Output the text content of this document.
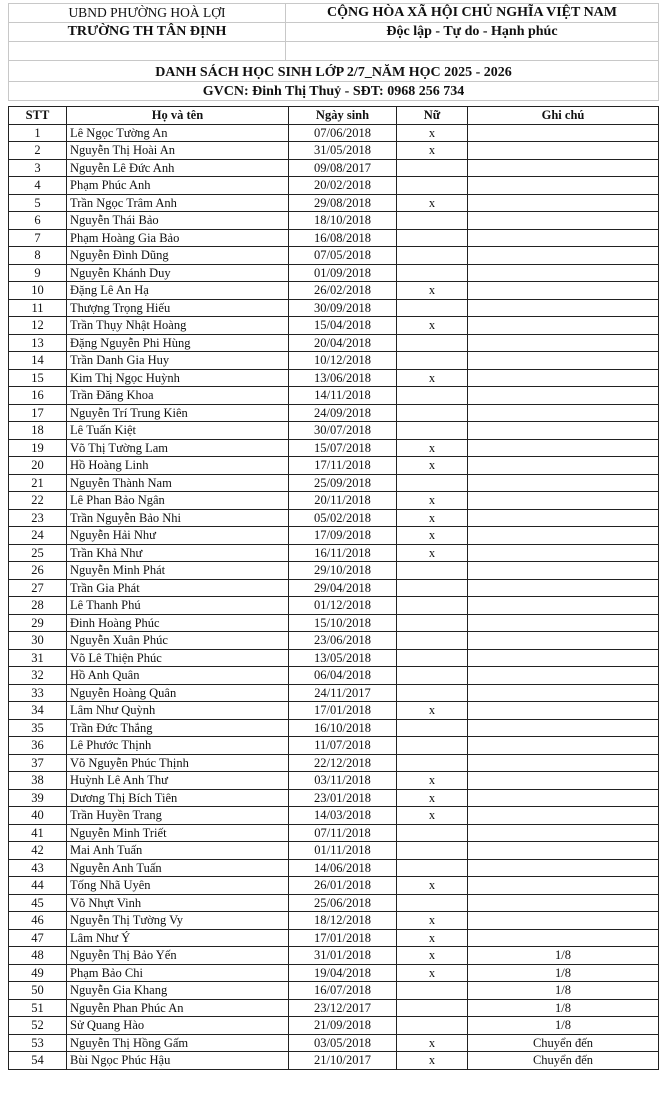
UBND PHƯỜNG HOÀ LỢI	CỘNG HÒA XÃ HỘI CHỦ NGHĨA VIỆT NAM
TRƯỜNG TH TÂN ĐỊNH	Độc lập - Tự do - Hạnh phúc

DANH SÁCH HỌC SINH LỚP 2/7_NĂM HỌC 2025 - 2026	
GVCN: Đinh Thị Thuỷ - SĐT: 0968 256 734	
STT	Họ và tên	Ngày sinh	Nữ	Ghi chú
1	Lê Ngọc Tường An	07/06/2018	x	
2	Nguyễn Thị Hoài An	31/05/2018	x	
3	Nguyễn Lê Đức Anh	09/08/2017		
4	Phạm Phúc Anh	20/02/2018		
5	Trần Ngọc Trâm Anh	29/08/2018	x	
6	Nguyễn Thái Bảo	18/10/2018		
7	Phạm Hoàng Gia Bảo	16/08/2018		
8	Nguyễn Đình Dũng	07/05/2018		
9	Nguyễn Khánh Duy	01/09/2018		
10	Đặng Lê An Hạ	26/02/2018	x	
11	Thượng Trọng Hiếu	30/09/2018		
12	Trần Thụy Nhật Hoàng	15/04/2018	x	
13	Đặng Nguyễn Phi Hùng	20/04/2018		
14	Trần Danh Gia Huy	10/12/2018		
15	Kim Thị Ngọc Huỳnh	13/06/2018	x	
16	Trần Đăng Khoa	14/11/2018		
17	Nguyễn Trí Trung Kiên	24/09/2018		
18	Lê Tuấn Kiệt	30/07/2018		
19	Võ Thị Tường Lam	15/07/2018	x	
20	Hồ Hoàng Linh	17/11/2018	x	
21	Nguyễn Thành Nam	25/09/2018		
22	Lê Phan Bảo Ngân	20/11/2018	x	
23	Trần Nguyễn Bảo Nhi	05/02/2018	x	
24	Nguyễn Hải Như	17/09/2018	x	
25	Trần Khả Như	16/11/2018	x	
26	Nguyễn Minh Phát	29/10/2018		
27	Trần Gia Phát	29/04/2018		
28	Lê Thanh Phú	01/12/2018		
29	Đinh Hoàng Phúc	15/10/2018		
30	Nguyễn Xuân Phúc	23/06/2018		
31	Võ Lê Thiện Phúc	13/05/2018		
32	Hồ Anh Quân	06/04/2018		
33	Nguyễn Hoàng Quân	24/11/2017		
34	Lâm Như Quỳnh	17/01/2018	x	
35	Trần Đức Thắng	16/10/2018		
36	Lê Phước Thịnh	11/07/2018		
37	Võ Nguyễn Phúc Thịnh	22/12/2018		
38	Huỳnh Lê Anh Thư	03/11/2018	x	
39	Dương Thị Bích Tiên	23/01/2018	x	
40	Trần Huyền Trang	14/03/2018	x	
41	Nguyễn Minh Triết	07/11/2018		
42	Mai Anh Tuấn	01/11/2018		
43	Nguyễn Anh Tuấn	14/06/2018		
44	Tống Nhã Uyên	26/01/2018	x	
45	Võ Nhựt Vinh	25/06/2018		
46	Nguyễn Thị Tường Vy	18/12/2018	x	
47	Lâm Như Ý	17/01/2018	x	
48	Nguyễn Thị Bảo Yến	31/01/2018	x	1/8
49	Phạm Bảo Chi	19/04/2018	x	1/8
50	Nguyễn Gia Khang	16/07/2018		1/8
51	Nguyễn Phan Phúc An	23/12/2017		1/8
52	Sử Quang Hào	21/09/2018		1/8
53	Nguyễn Thị Hồng Gấm	03/05/2018	x	Chuyển đến
54	Bùi Ngọc Phúc Hậu	21/10/2017	x	Chuyển đến
